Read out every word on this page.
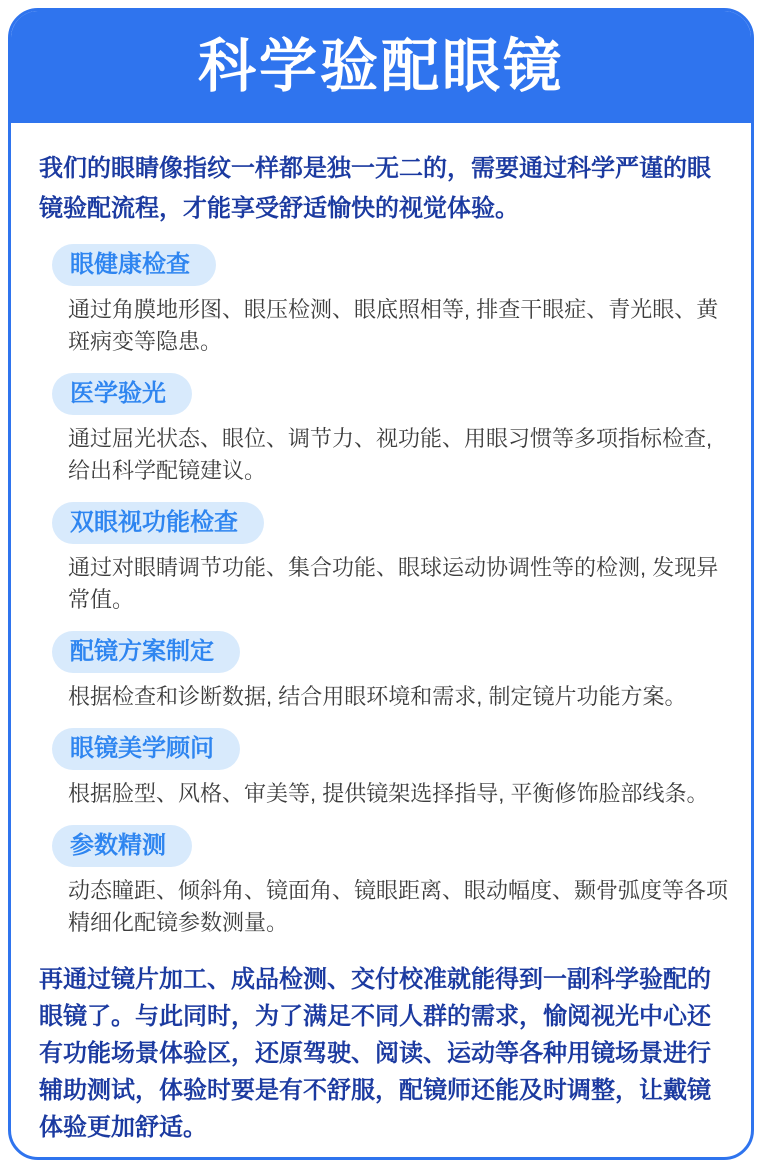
科学验配眼镜

我们的眼睛像指纹一样都是独一无二的，需要通过科学严谨的眼镜验配流程，才能享受舒适愉快的视觉体验。

眼健康检查

通过角膜地形图、眼压检测、眼底照相等, 排查干眼症、青光眼、黄斑病变等隐患。

医学验光

通过屈光状态、眼位、调节力、视功能、用眼习惯等多项指标检查, 给出科学配镜建议。

双眼视功能检查

通过对眼睛调节功能、集合功能、眼球运动协调性等的检测, 发现异常值。

配镜方案制定

根据检查和诊断数据, 结合用眼环境和需求, 制定镜片功能方案。

眼镜美学顾问

根据脸型、风格、审美等, 提供镜架选择指导, 平衡修饰脸部线条。

参数精测

动态瞳距、倾斜角、镜面角、镜眼距离、眼动幅度、颞骨弧度等各项精细化配镜参数测量。

再通过镜片加工、成品检测、交付校准就能得到一副科学验配的眼镜了。与此同时，为了满足不同人群的需求，愉阅视光中心还有功能场景体验区，还原驾驶、阅读、运动等各种用镜场景进行辅助测试，体验时要是有不舒服，配镜师还能及时调整，让戴镜体验更加舒适。
